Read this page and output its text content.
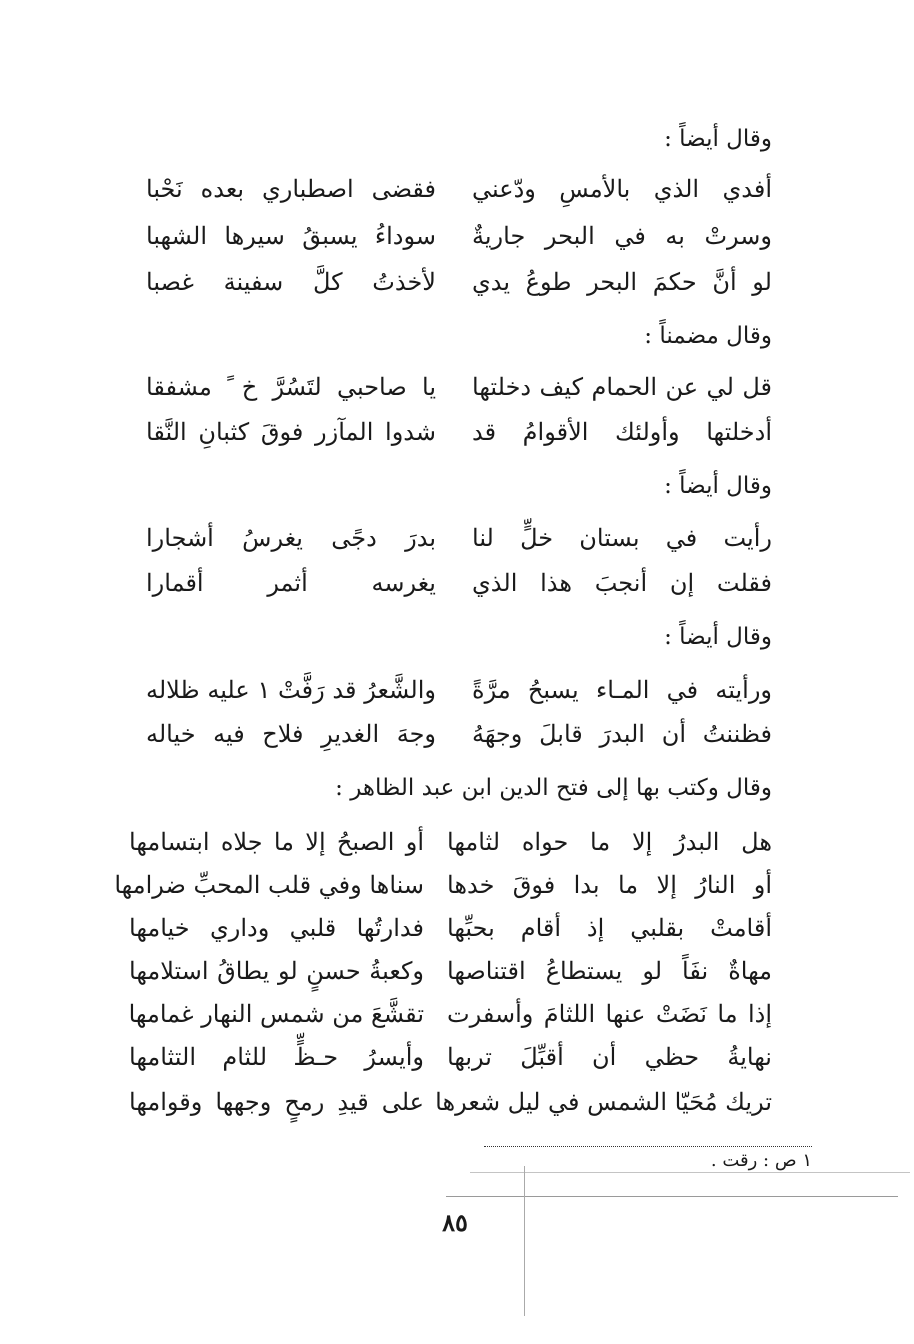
وقال أيضاً :
أفدي الذي بالأمسِ ودّعني
فقضى اصطباري بعده نَحْبا
وسرتْ به في البحر جاريةٌ
سوداءُ يسبقُ سيرها الشهبا
لو أنَّ حكمَ البحر طوعُ يدي
لأخذتُ كلَّ سفينة غصبا
وقال مضمناً :
قل لي عن الحمام كيف دخلتها
يا صاحبي لتَسُرَّ خ ً مشفقا
أدخلتها وأولئك الأقوامُ قد
شدوا المآزر فوقَ كثبانِ النَّقا
وقال أيضاً :
رأيت في بستان خلٍّ لنا
بدرَ دجًى يغرسُ أشجارا
فقلت إن أنجبَ هذا الذي
يغرسه أثمر أقمارا
وقال أيضاً :
ورأيته في المـاء يسبحُ مرَّةً
والشَّعرُ قد رَفَّتْ ١ عليه ظلاله
فظننتُ أن البدرَ قابلَ وجهَهُ
وجهَ الغديرِ فلاح فيه خياله
وقال وكتب بها إلى فتح الدين ابن عبد الظاهر :
هل البدرُ إلا ما حواه لثامها
أو الصبحُ إلا ما جلاه ابتسامها
أو النارُ إلا ما بدا فوقَ خدها
سناها وفي قلب المحبِّ ضرامها
أقامتْ بقلبي إذ أقام بحبِّها
فدارتُها قلبي وداري خيامها
مهاةٌ نفَاً لو يستطاعُ اقتناصها
وكعبةُ حسنٍ لو يطاقُ استلامها
إذا ما نَضَتْ عنها اللثامَ وأسفرت
تقشَّعَ من شمس النهار غمامها
نهايةُ حظي أن أقبِّلَ تربها
وأيسرُ حـظٍّ للثام التثامها
تريك مُحَيّا الشمس في ليل شعرها
على قيدِ رمحٍ وجهها وقوامها
١ ص : رقت .
٨٥
